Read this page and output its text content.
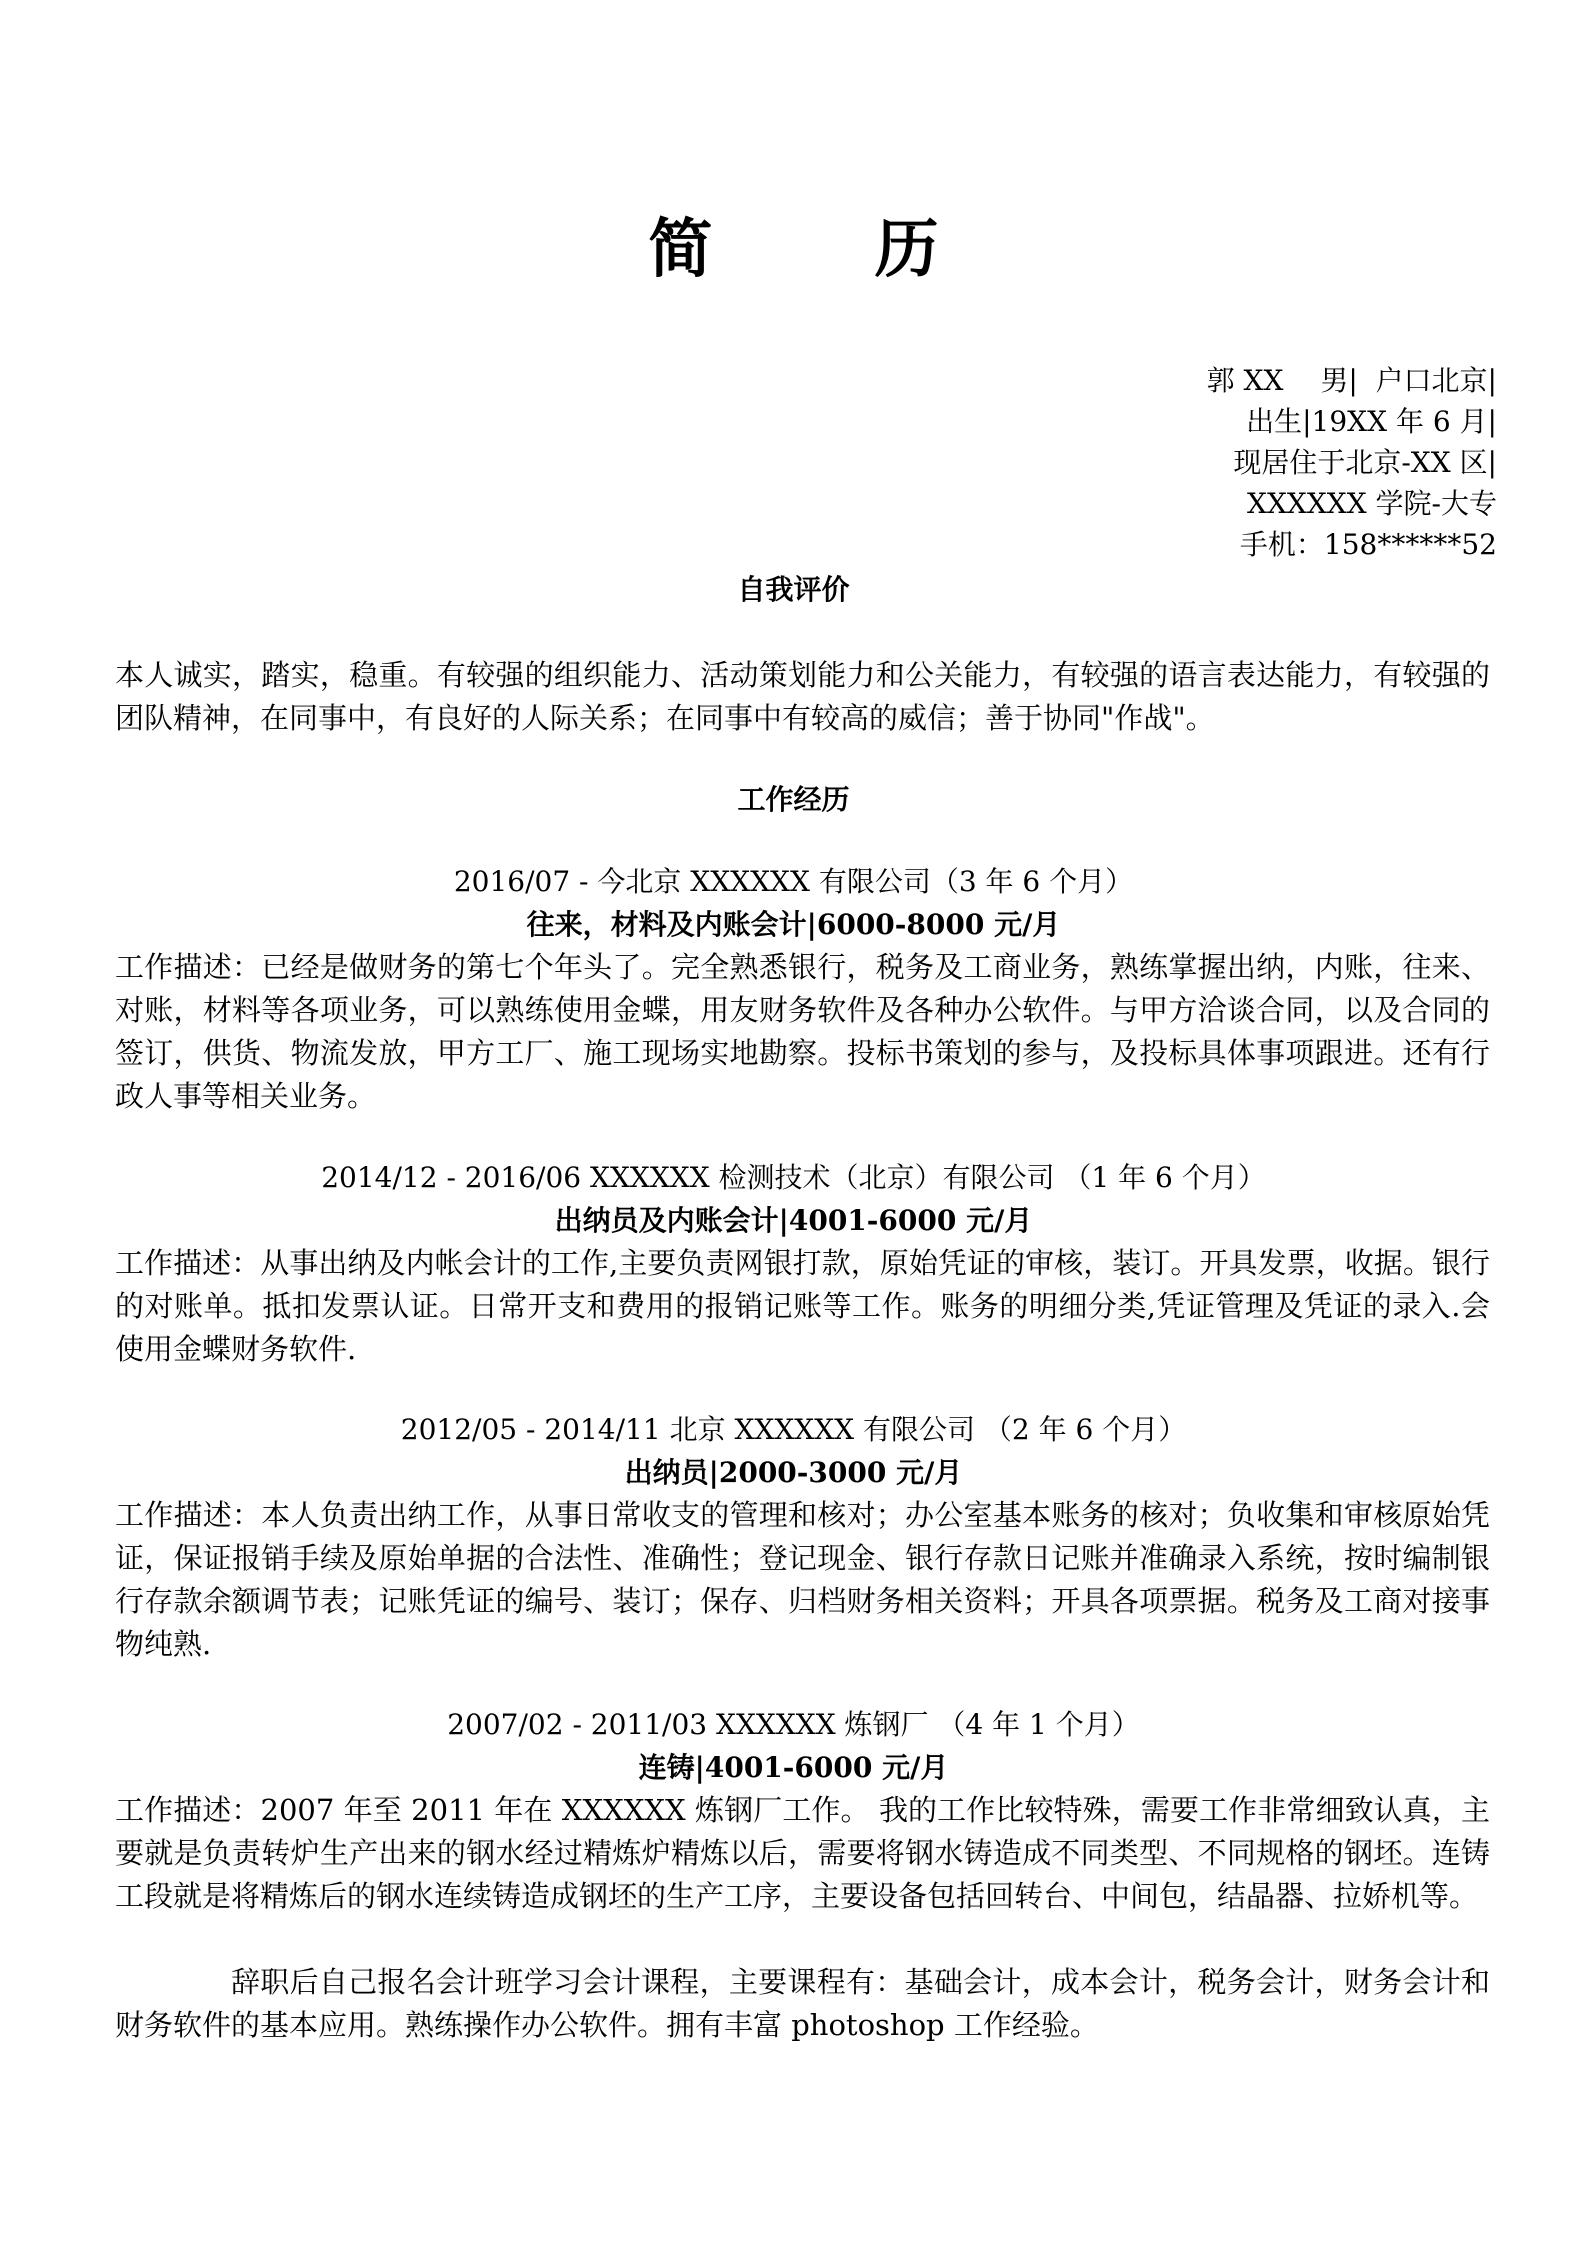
简 历
郭 XX　 男|  户口北京|
出生|19XX 年 6 月|
现居住于北京-XX 区|
XXXXXX 学院-大专
手机：158******52
自我评价
本人诚实，踏实，稳重。有较强的组织能力、活动策划能力和公关能力，有较强的语言表达能力，有较强的团队精神，在同事中，有良好的人际关系；在同事中有较高的威信；善于协同"作战"。
工作经历
2016/07 - 今北京 XXXXXX 有限公司（3 年 6 个月）
往来，材料及内账会计|6000-8000 元/月
工作描述：已经是做财务的第七个年头了。完全熟悉银行，税务及工商业务，熟练掌握出纳，内账，往来、对账，材料等各项业务，可以熟练使用金蝶，用友财务软件及各种办公软件。与甲方洽谈合同，以及合同的签订，供货、物流发放，甲方工厂、施工现场实地勘察。投标书策划的参与，及投标具体事项跟进。还有行政人事等相关业务。
2014/12 - 2016/06 XXXXXX 检测技术（北京）有限公司 （1 年 6 个月）
出纳员及内账会计|4001-6000 元/月
工作描述：从事出纳及内帐会计的工作,主要负责网银打款，原始凭证的审核，装订。开具发票，收据。银行的对账单。抵扣发票认证。日常开支和费用的报销记账等工作。账务的明细分类,凭证管理及凭证的录入.会使用金蝶财务软件.
2012/05 - 2014/11 北京 XXXXXX 有限公司 （2 年 6 个月）
出纳员|2000-3000 元/月
工作描述：本人负责出纳工作，从事日常收支的管理和核对；办公室基本账务的核对；负收集和审核原始凭证，保证报销手续及原始单据的合法性、准确性；登记现金、银行存款日记账并准确录入系统，按时编制银行存款余额调节表；记账凭证的编号、装订；保存、归档财务相关资料；开具各项票据。税务及工商对接事物纯熟.
2007/02 - 2011/03 XXXXXX 炼钢厂 （4 年 1 个月）
连铸|4001-6000 元/月
工作描述：2007 年至 2011 年在 XXXXXX 炼钢厂工作。 我的工作比较特殊，需要工作非常细致认真，主要就是负责转炉生产出来的钢水经过精炼炉精炼以后，需要将钢水铸造成不同类型、不同规格的钢坯。连铸工段就是将精炼后的钢水连续铸造成钢坯的生产工序，主要设备包括回转台、中间包，结晶器、拉娇机等。
辞职后自己报名会计班学习会计课程，主要课程有：基础会计，成本会计，税务会计，财务会计和财务软件的基本应用。熟练操作办公软件。拥有丰富 photoshop 工作经验。
